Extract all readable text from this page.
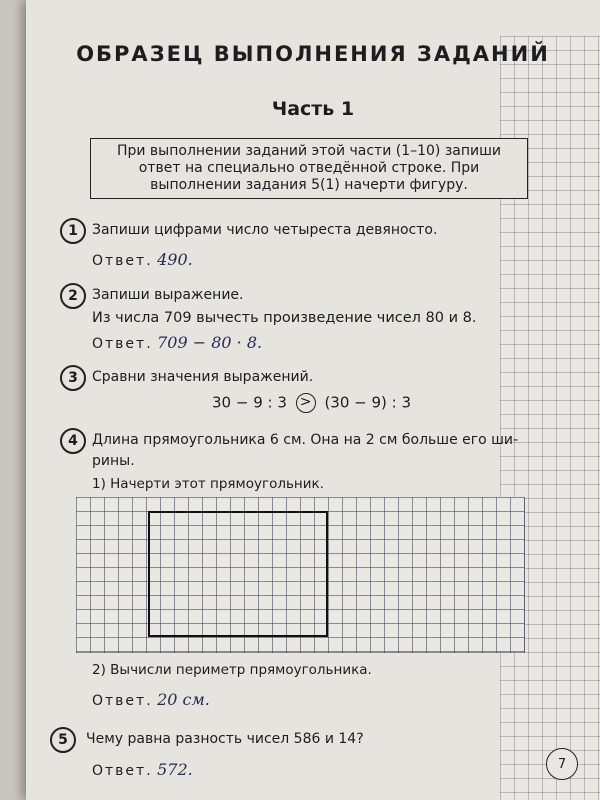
ОБРАЗЕЦ ВЫПОЛНЕНИЯ ЗАДАНИЙ
Часть 1
При выполнении заданий этой части (1–10) запиши ответ на специально отведённой строке. При выполнении задания 5(1) начерти фигуру.
1	Запиши цифрами число четыреста девяносто.
Ответ. 490.
2	Запиши выражение.
Из числа 709 вычесть произведение чисел 80 и 8.
Ответ. 709 − 80 · 8.
3	Сравни значения выражений.
30 − 9 : 3 > (30 − 9) : 3
4	Длина прямоугольника 6 см. Она на 2 см больше его ши-
рины.
1) Начерти этот прямоугольник.
2) Вычисли периметр прямоугольника.
Ответ. 20 см.
5	Чему равна разность чисел 586 и 14?
Ответ. 572.	7
